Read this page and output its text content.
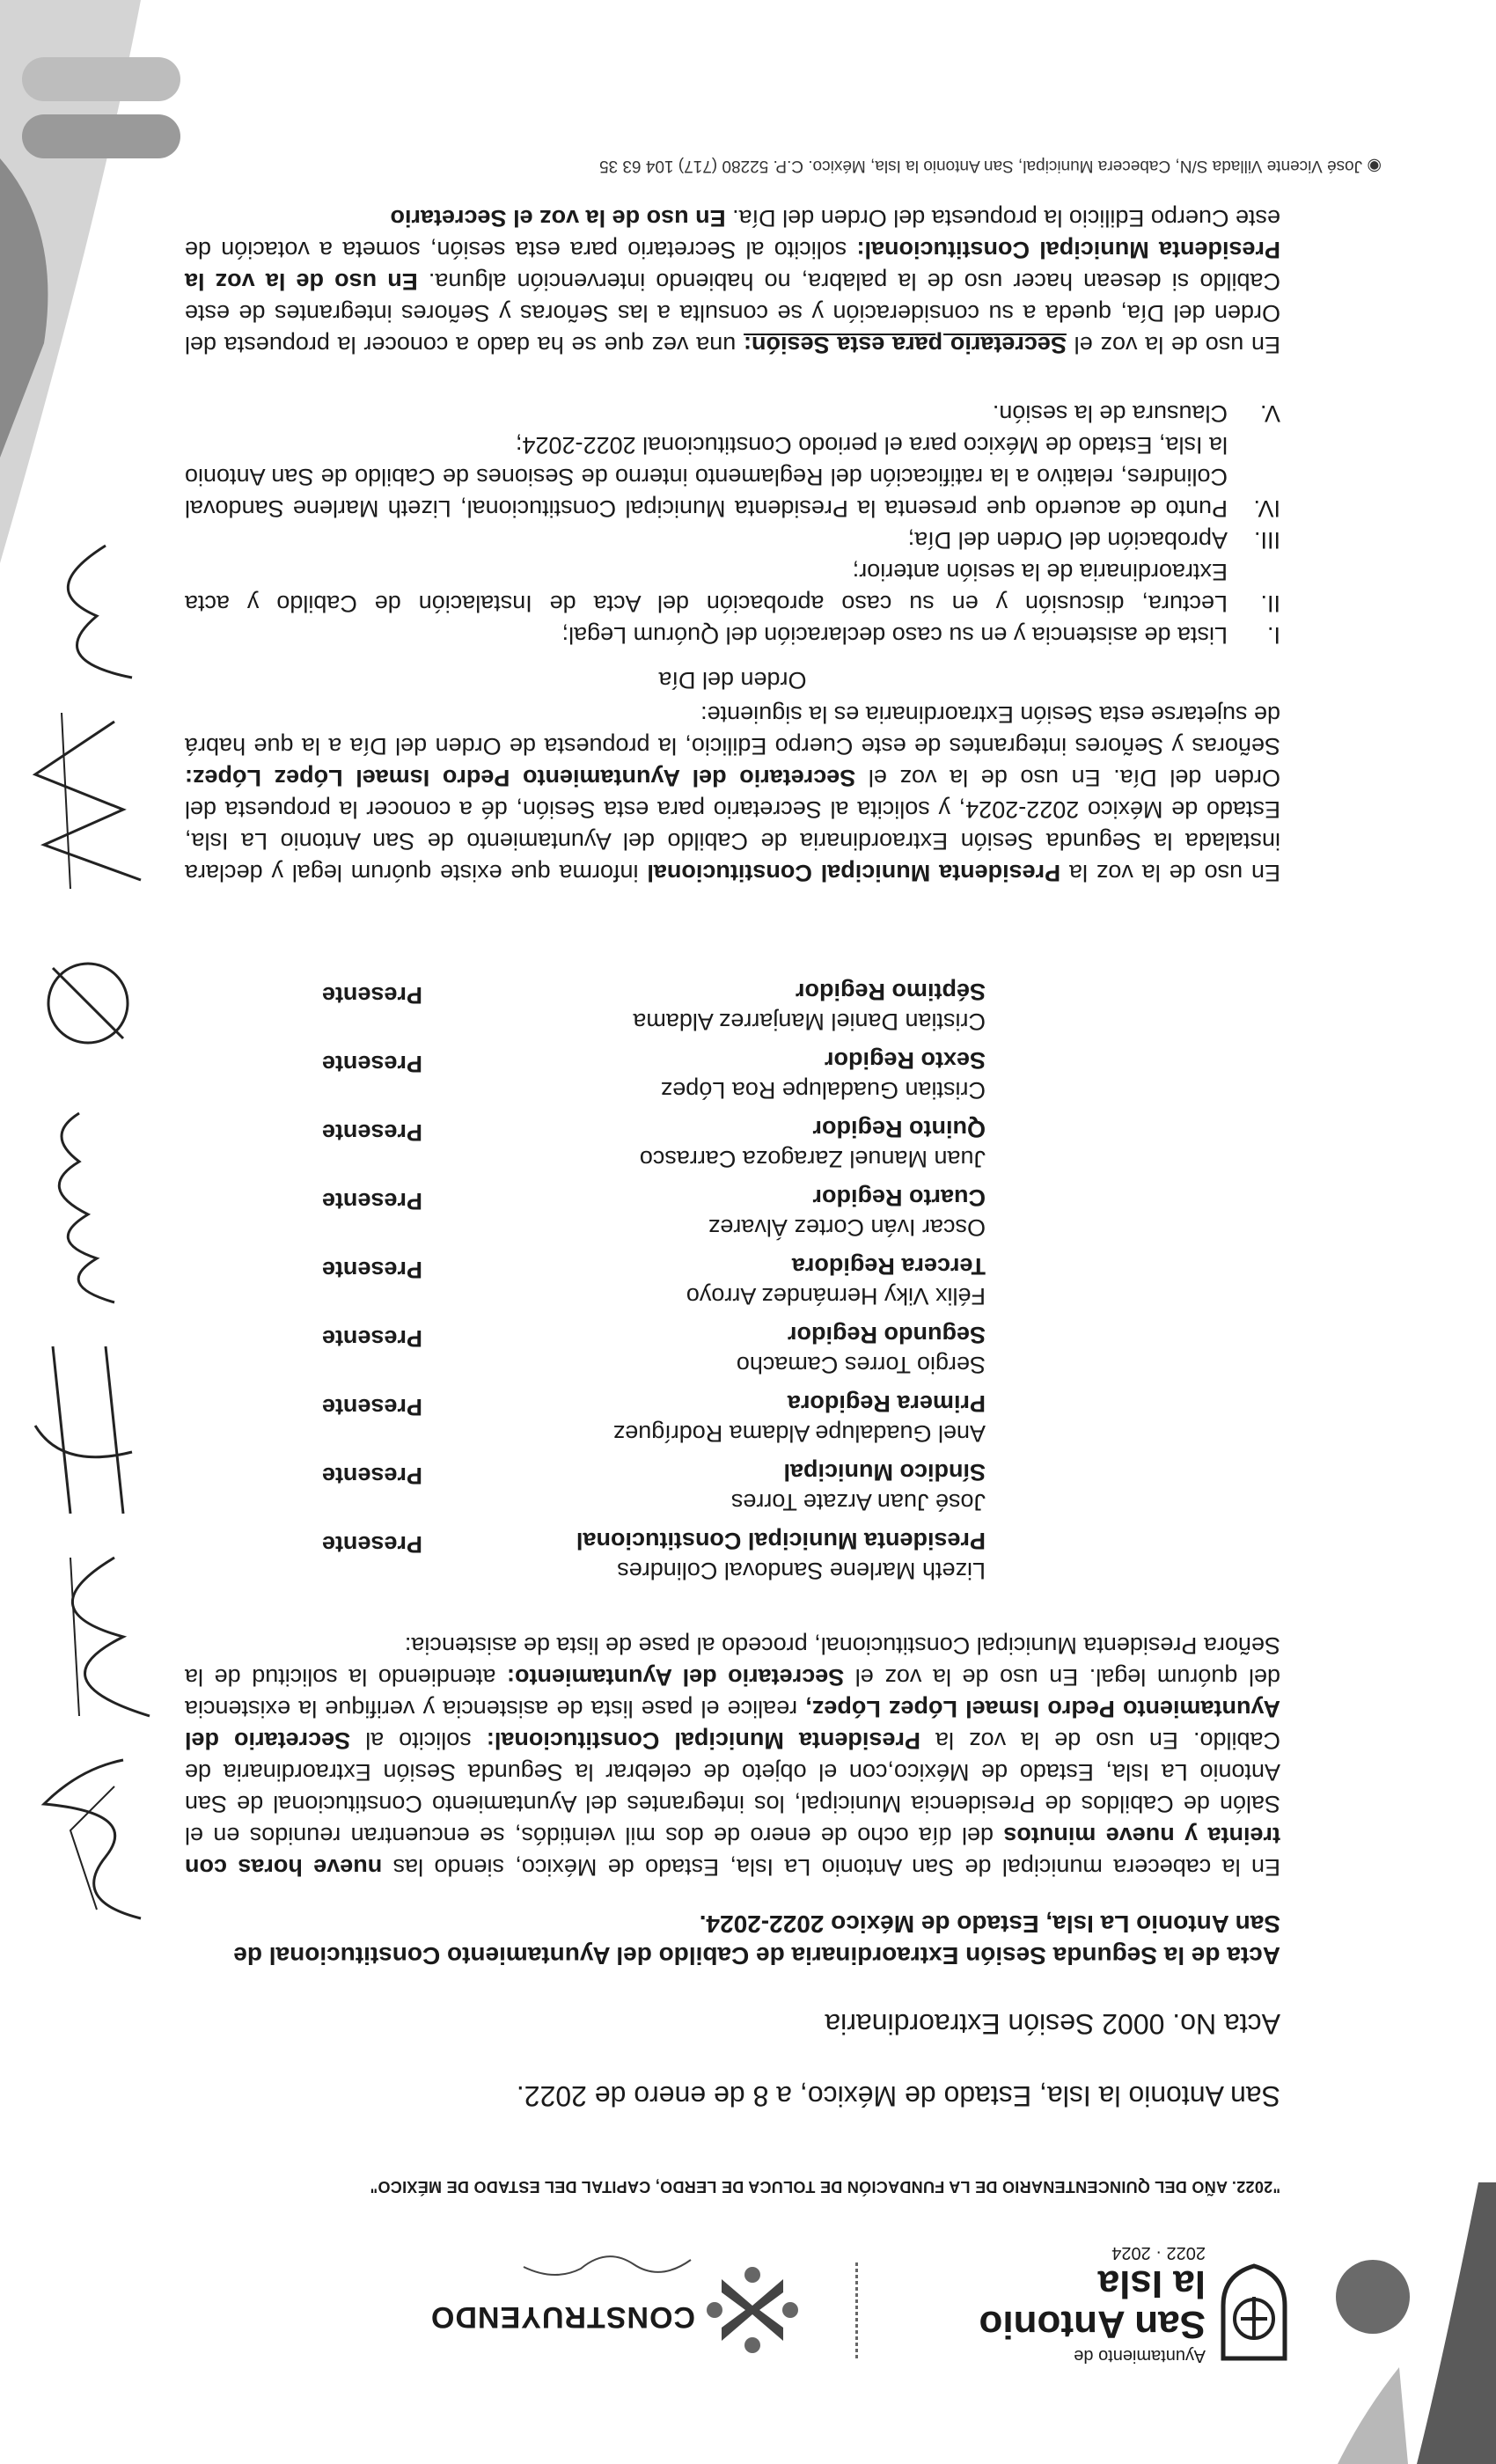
Ayuntamiento de
San Antonio
la Isla
2022 · 2024
CONSTRUYENDO
"2022. AÑO DEL QUINCENTENARIO DE LA FUNDACIÓN DE TOLUCA DE LERDO, CAPITAL DEL ESTADO DE MÉXICO"
San Antonio la Isla, Estado de México, a 8 de enero de 2022.
Acta No. 0002 Sesión Extraordinaria
Acta de la Segunda Sesión Extraordinaria de Cabildo del Ayuntamiento Constitucional de San Antonio La Isla, Estado de México 2022-2024.

En la cabecera municipal de San Antonio La Isla, Estado de México, siendo las nueve horas con treinta y nueve minutos del día ocho de enero de dos mil veintidós, se encuentran reunidos en el Salón de Cabildos de Presidencia Municipal, los integrantes del Ayuntamiento Constitucional de San Antonio La Isla, Estado de México,con el objeto de celebrar la Segunda Sesión Extraordinaria de Cabildo. En uso de la voz la Presidenta Municipal Constitucional: solicito al Secretario del Ayuntamiento Pedro Ismael López López, realice el pase lista de asistencia y verifique la existencia del quórum legal. En uso de la voz el Secretario del Ayuntamiento: atendiendo la solicitud de la Señora Presidenta Municipal Constitucional, procedo al pase de lista de asistencia:

Lizeth Marlene Sandoval Colindres
Presidenta Municipal Constitucional
Presente
José Juan Arzate Torres
Síndico Municipal
Presente
Anel Guadalupe Aldama Rodríguez
Primera Regidora
Presente
Sergio Torres Camacho
Segundo Regidor
Presente
Félix Viky Hernández Arroyo
Tercera Regidora
Presente
Oscar Iván Cortez Álvarez
Cuarto Regidor
Presente
Juan Manuel Zaragoza Carrasco
Quinto Regidor
Presente
Cristian Guadalupe Roa López
Sexto Regidor
Presente
Cristian Daniel Manjarrez Aldama
Séptimo Regidor
Presente

En uso de la voz la Presidenta Municipal Constitucional informa que existe quórum legal y declara instalada la Segunda Sesión Extraordinaria de Cabildo del Ayuntamiento de San Antonio La Isla, Estado de México 2022-2024, y solicita al Secretario para esta Sesión, dé a conocer la propuesta del Orden del Día. En uso de la voz el Secretario del Ayuntamiento Pedro Ismael López López: Señoras y Señores integrantes de este Cuerpo Edilicio, la propuesta de Orden del Día a la que habrá de sujetarse esta Sesión Extraordinaria es la siguiente:

Orden del Día
I.
Lista de asistencia y en su caso declaración del Quórum Legal;
II.
Lectura, discusión y en su caso aprobación del Acta de Instalación de Cabildo y acta Extraordinaria de la sesión anterior;
III.
Aprobación del Orden del Día;
IV.
Punto de acuerdo que presenta la Presidenta Municipal Constitucional, Lizeth Marlene Sandoval Colindres, relativo a la ratificación del Reglamento interno de Sesiones de Cabildo de San Antonio la Isla, Estado de México para el periodo Constitucional 2022-2024;
V.
Clausura de la sesión.

En uso de la voz el Secretario para esta Sesión: una vez que se ha dado a conocer la propuesta del Orden del Día, queda a su consideración y se consulta a las Señoras y Señores integrantes de este Cabildo si desean hacer uso de la palabra, no habiendo intervención alguna. En uso de la voz la Presidenta Municipal Constitucional: solicito al Secretario para esta sesión, someta a votación de este Cuerpo Edilicio la propuesta del Orden del Día. En uso de la voz el Secretario

◉ José Vicente Villada S/N, Cabecera Municipal, San Antonio la Isla, México. C.P. 52280 (717) 104 63 35
